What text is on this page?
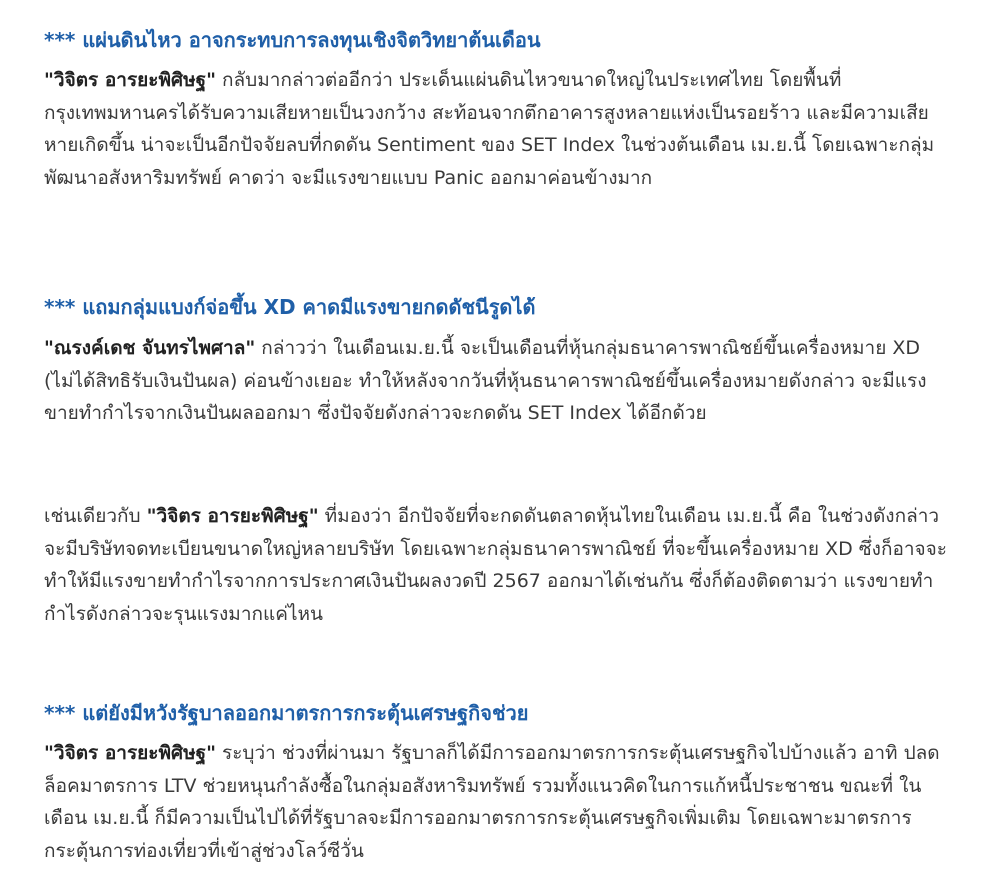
*** แผ่นดินไหว อาจกระทบการลงทุนเชิงจิตวิทยาต้นเดือน

"วิจิตร อารยะพิศิษฐ" กลับมากล่าวต่ออีกว่า ประเด็นแผ่นดินไหวขนาดใหญ่ในประเทศไทย โดยพื้นที่กรุงเทพมหานครได้รับความเสียหายเป็นวงกว้าง สะท้อนจากตึกอาคารสูงหลายแห่งเป็นรอยร้าว และมีความเสียหายเกิดขึ้น น่าจะเป็นอีกปัจจัยลบที่กดดัน Sentiment ของ SET Index ในช่วงต้นเดือน เม.ย.นี้ โดยเฉพาะกลุ่มพัฒนาอสังหาริมทรัพย์ คาดว่า จะมีแรงขายแบบ Panic ออกมาค่อนข้างมาก

*** แถมกลุ่มแบงก์จ่อขึ้น XD คาดมีแรงขายกดดัชนีรูดได้

"ณรงค์เดช จันทรไพศาล" กล่าวว่า ในเดือนเม.ย.นี้ จะเป็นเดือนที่หุ้นกลุ่มธนาคารพาณิชย์ขึ้นเครื่องหมาย XD (ไม่ได้สิทธิรับเงินปันผล) ค่อนข้างเยอะ ทำให้หลังจากวันที่หุ้นธนาคารพาณิชย์ขึ้นเครื่องหมายดังกล่าว จะมีแรงขายทำกำไรจากเงินปันผลออกมา ซึ่งปัจจัยดังกล่าวจะกดดัน SET Index ได้อีกด้วย

เช่นเดียวกับ "วิจิตร อารยะพิศิษฐ" ที่มองว่า อีกปัจจัยที่จะกดดันตลาดหุ้นไทยในเดือน เม.ย.นี้ คือ ในช่วงดังกล่าว จะมีบริษัทจดทะเบียนขนาดใหญ่หลายบริษัท โดยเฉพาะกลุ่มธนาคารพาณิชย์ ที่จะขึ้นเครื่องหมาย XD ซึ่งก็อาจจะทำให้มีแรงขายทำกำไรจากการประกาศเงินปันผลงวดปี 2567 ออกมาได้เช่นกัน ซึ่งก็ต้องติดตามว่า แรงขายทำกำไรดังกล่าวจะรุนแรงมากแค่ไหน

*** แต่ยังมีหวังรัฐบาลออกมาตรการกระตุ้นเศรษฐกิจช่วย

"วิจิตร อารยะพิศิษฐ" ระบุว่า ช่วงที่ผ่านมา รัฐบาลก็ได้มีการออกมาตรการกระตุ้นเศรษฐกิจไปบ้างแล้ว อาทิ ปลดล็อคมาตรการ LTV ช่วยหนุนกำลังซื้อในกลุ่มอสังหาริมทรัพย์ รวมทั้งแนวคิดในการแก้หนี้ประชาชน ขณะที่ ในเดือน เม.ย.นี้ ก็มีความเป็นไปได้ที่รัฐบาลจะมีการออกมาตรการกระตุ้นเศรษฐกิจเพิ่มเติม โดยเฉพาะมาตรการกระตุ้นการท่องเที่ยวที่เข้าสู่ช่วงโลว์ซีวั่น
